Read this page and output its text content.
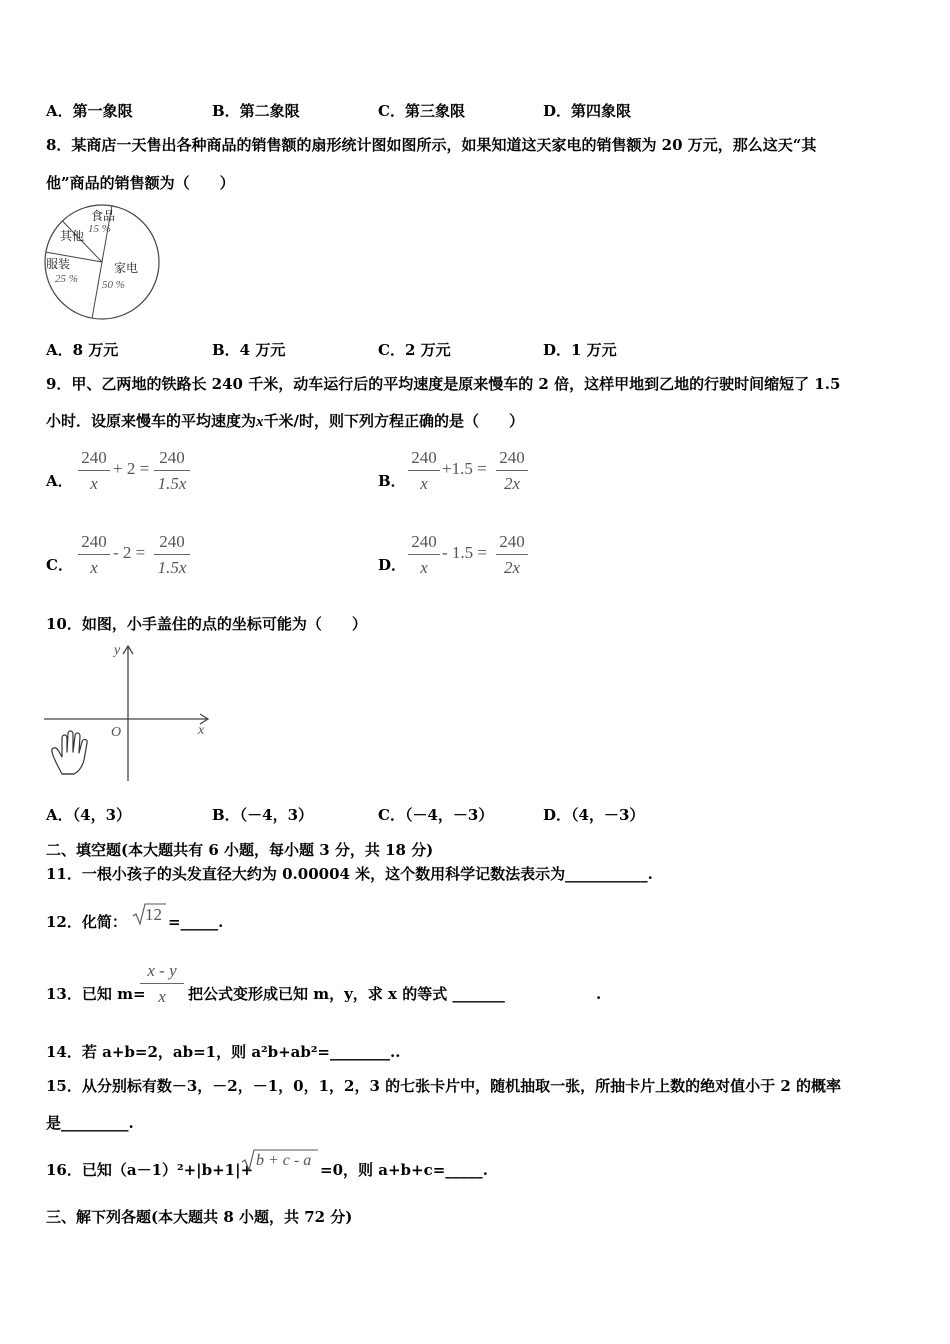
A．第一象限	B．第二象限	C．第三象限	D．第四象限
8．某商店一天售出各种商品的销售额的扇形统计图如图所示，如果知道这天家电的销售额为 20 万元，那么这天“其
他”商品的销售额为（　　）
食品
15 %
其他
服装
25 %
家电
50 %
A．8 万元	B．4 万元	C．2 万元	D．1 万元
9．甲、乙两地的铁路长 240 千米，动车运行后的平均速度是原来慢车的 2 倍，这样甲地到乙地的行驶时间缩短了 1.5
小时．设原来慢车的平均速度为x千米/时，则下列方程正确的是（　　）
A．
240
x
+ 2 =
240
1.5x	B．
240
x
+1.5 =
240
2x
C．
240
x
- 2 =
240
1.5x	D．
240
x
- 1.5 =
240
2x
10．如图，小手盖住的点的坐标可能为（　　）
x
y
O
A．（4，3）	B．（－4，3）	C．（－4，－3）	D．（4，－3）
二、填空题(本大题共有 6 小题，每小题 3 分，共 18 分)
11．一根小孩子的头发直径大约为 0.00004 米，这个数用科学记数法表示为___________.
12．化简： 12 =_____.
13．已知 m=
x - y
x	把公式变形成已知 m，y，求 x 的等式 _______	.
14．若 a+b=2，ab=1，则 a²b+ab²=________..
15．从分别标有数－3，－2，－1，0，1，2，3 的七张卡片中，随机抽取一张，所抽卡片上数的绝对值小于 2 的概率
是_________.
16．已知（a－1）²+|b+1|+
b + c - a
=0，则 a+b+c=_____.
三、解下列各题(本大题共 8 小题，共 72 分)
